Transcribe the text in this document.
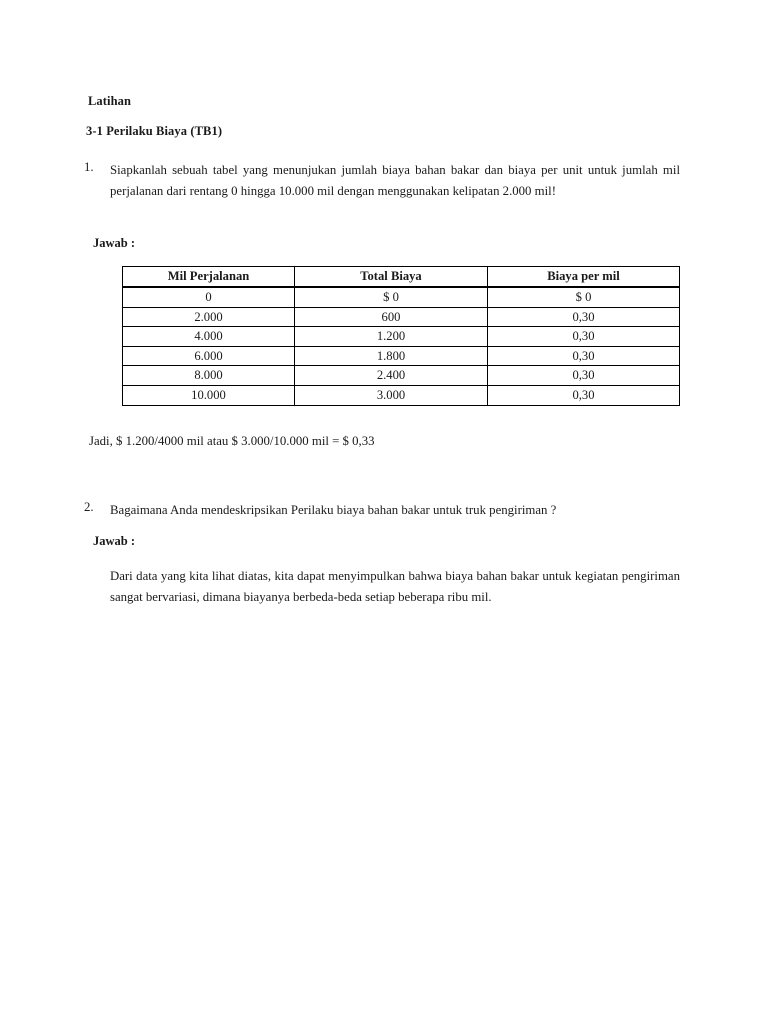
Latihan
3-1 Perilaku Biaya (TB1)
1.	Siapkanlah sebuah tabel yang menunjukan jumlah biaya bahan bakar dan biaya per unit untuk jumlah mil perjalanan dari rentang 0 hingga 10.000 mil dengan menggunakan kelipatan 2.000 mil!
Jawab :
Mil Perjalanan	Total Biaya	Biaya per mil
0	$ 0	$ 0
2.000	600	0,30
4.000	1.200	0,30
6.000	1.800	0,30
8.000	2.400	0,30
10.000	3.000	0,30
Jadi, $ 1.200/4000 mil atau $ 3.000/10.000 mil = $ 0,33
2.	Bagaimana Anda mendeskripsikan Perilaku biaya bahan bakar untuk truk pengiriman ?
Jawab :
Dari data yang kita lihat diatas, kita dapat menyimpulkan bahwa biaya bahan bakar untuk kegiatan pengiriman sangat bervariasi, dimana biayanya berbeda-beda setiap beberapa ribu mil.
